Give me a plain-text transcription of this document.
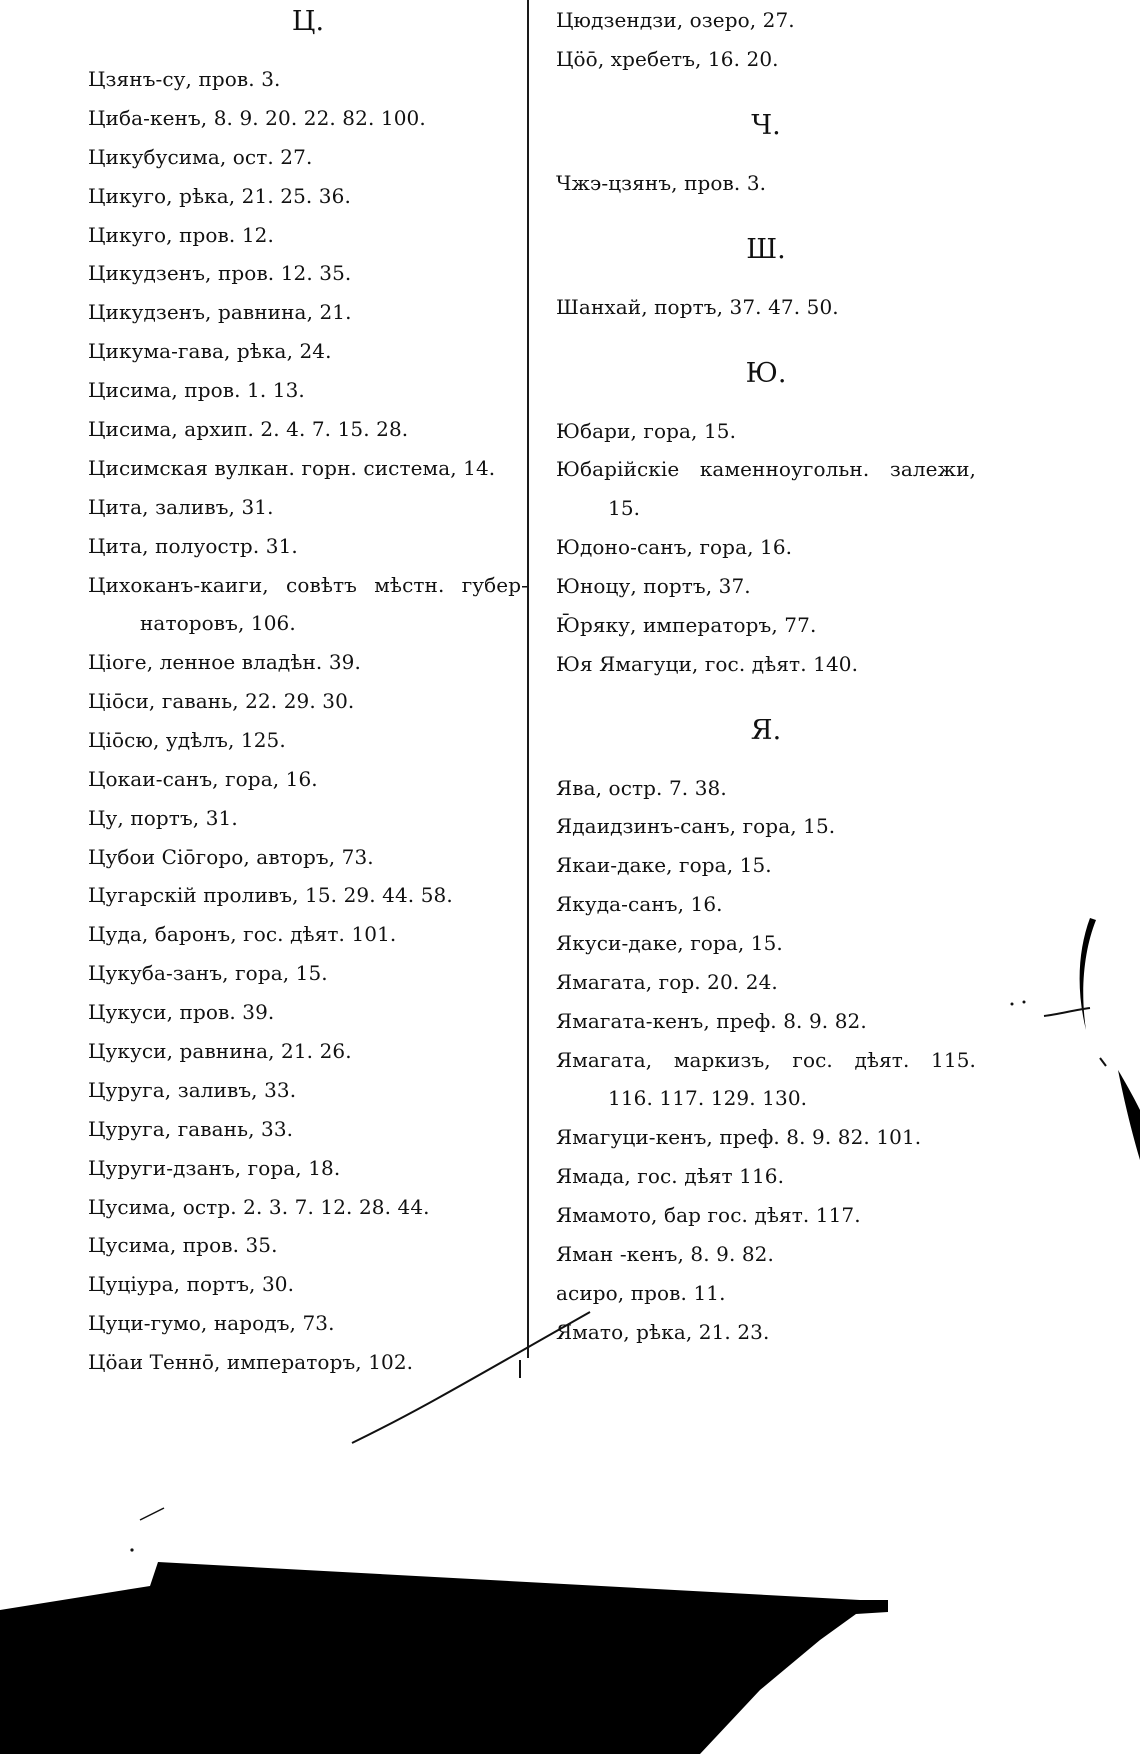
Ц.
Цзянъ-су, пров. 3.
Циба-кенъ, 8. 9. 20. 22. 82. 100.
Цикубусима, ост. 27.
Цикуго, рѣка, 21. 25. 36.
Цикуго, пров. 12.
Цикудзенъ, пров. 12. 35.
Цикудзенъ, равнина, 21.
Цикума-гава, рѣка, 24.
Цисима, пров. 1. 13.
Цисима, архип. 2. 4. 7. 15. 28.
Цисимская вулкан. горн. система, 14.
Цита, заливъ, 31.
Цита, полуостр. 31.
Цихоканъ-каиги, совѣтъ мѣстн. губер-
наторовъ, 106.
Ціоге, ленное владѣн. 39.
Ціōси, гавань, 22. 29. 30.
Ціōсю, удѣлъ, 125.
Цокаи-санъ, гора, 16.
Цу, портъ, 31.
Цубои Сіōгоро, авторъ, 73.
Цугарскій проливъ, 15. 29. 44. 58.
Цуда, баронъ, гос. дѣят. 101.
Цукуба-занъ, гора, 15.
Цукуси, пров. 39.
Цукуси, равнина, 21. 26.
Цуруга, заливъ, 33.
Цуруга, гавань, 33.
Цуруги-дзанъ, гора, 18.
Цусима, остр. 2. 3. 7. 12. 28. 44.
Цусима, пров. 35.
Цуціура, портъ, 30.
Цуци-гумо, народъ, 73.
Цӧаи Теннō, императоръ, 102.
Цюдзендзи, озеро, 27.
Цӧō, хребетъ, 16. 20.
Ч.
Чжэ-цзянъ, пров. 3.
Ш.
Шанхай, портъ, 37. 47. 50.
Ю.
Юбари, гора, 15.
Юбарійскіе каменноугольн. залежи,
15.
Юдоно-санъ, гора, 16.
Юноцу, портъ, 37.
Ю̄ряку, императоръ, 77.
Юя Ямагуци, гос. дѣят. 140.
Я.
Ява, остр. 7. 38.
Ядаидзинъ-санъ, гора, 15.
Якаи-даке, гора, 15.
Якуда-санъ, 16.
Якуси-даке, гора, 15.
Ямагата, гор. 20. 24.
Ямагата-кенъ, преф. 8. 9. 82.
Ямагата, маркизъ, гос. дѣят. 115.
116. 117. 129. 130.
Ямагуци-кенъ, преф. 8. 9. 82. 101.
Ямада, гос. дѣят 116.
Ямамото, бар гос. дѣят. 117.
Яман -кенъ, 8. 9. 82.
асиро, пров. 11.
Ямато, рѣка, 21. 23.
